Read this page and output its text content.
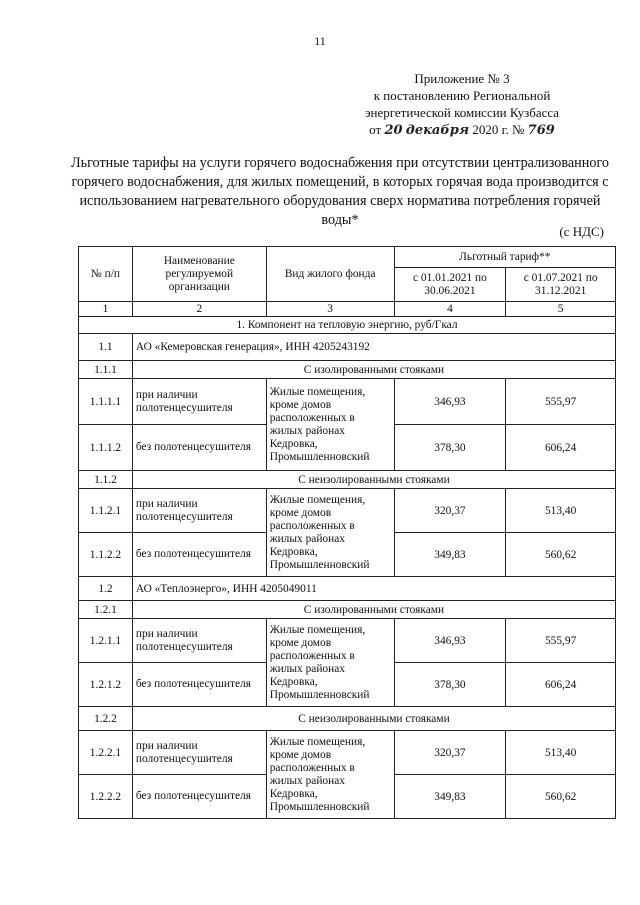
11
Приложение № 3
к постановлению Региональной
энергетической комиссии Кузбасса
от 20 декабря 2020 г. № 769
Льготные тарифы на услуги горячего водоснабжения при отсутствии централизованного горячего водоснабжения, для жилых помещений, в которых горячая вода производится с использованием нагревательного оборудования сверх норматива потребления горячей воды*
(с НДС)
№ п/п	Наименование регулируемой организации	Вид жилого фонда	Льготный тариф**	
			с 01.01.2021 по 30.06.2021	с 01.07.2021 по 31.12.2021
1	2	3	4	5
1. Компонент на тепловую энергию, руб/Гкал				
1.1	АО «Кемеровская генерация», ИНН 4205243192			
1.1.1	С изолированными стояками			
1.1.1.1	при наличии полотенцесушителя	Жилые помещения, кроме домов расположенных в жилых районах Кедровка, Промышленновский	346,93	555,97
1.1.1.2	без полотенцесушителя		378,30	606,24
1.1.2	С неизолированными стояками			
1.1.2.1	при наличии полотенцесушителя	Жилые помещения, кроме домов расположенных в жилых районах Кедровка, Промышленновский	320,37	513,40
1.1.2.2	без полотенцесушителя		349,83	560,62
1.2	АО «Теплоэнерго», ИНН 4205049011			
1.2.1	С изолированными стояками			
1.2.1.1	при наличии полотенцесушителя	Жилые помещения, кроме домов расположенных в жилых районах Кедровка, Промышленновский	346,93	555,97
1.2.1.2	без полотенцесушителя		378,30	606,24
1.2.2	С неизолированными стояками			
1.2.2.1	при наличии полотенцесушителя	Жилые помещения, кроме домов расположенных в жилых районах Кедровка, Промышленновский	320,37	513,40
1.2.2.2	без полотенцесушителя		349,83	560,62
